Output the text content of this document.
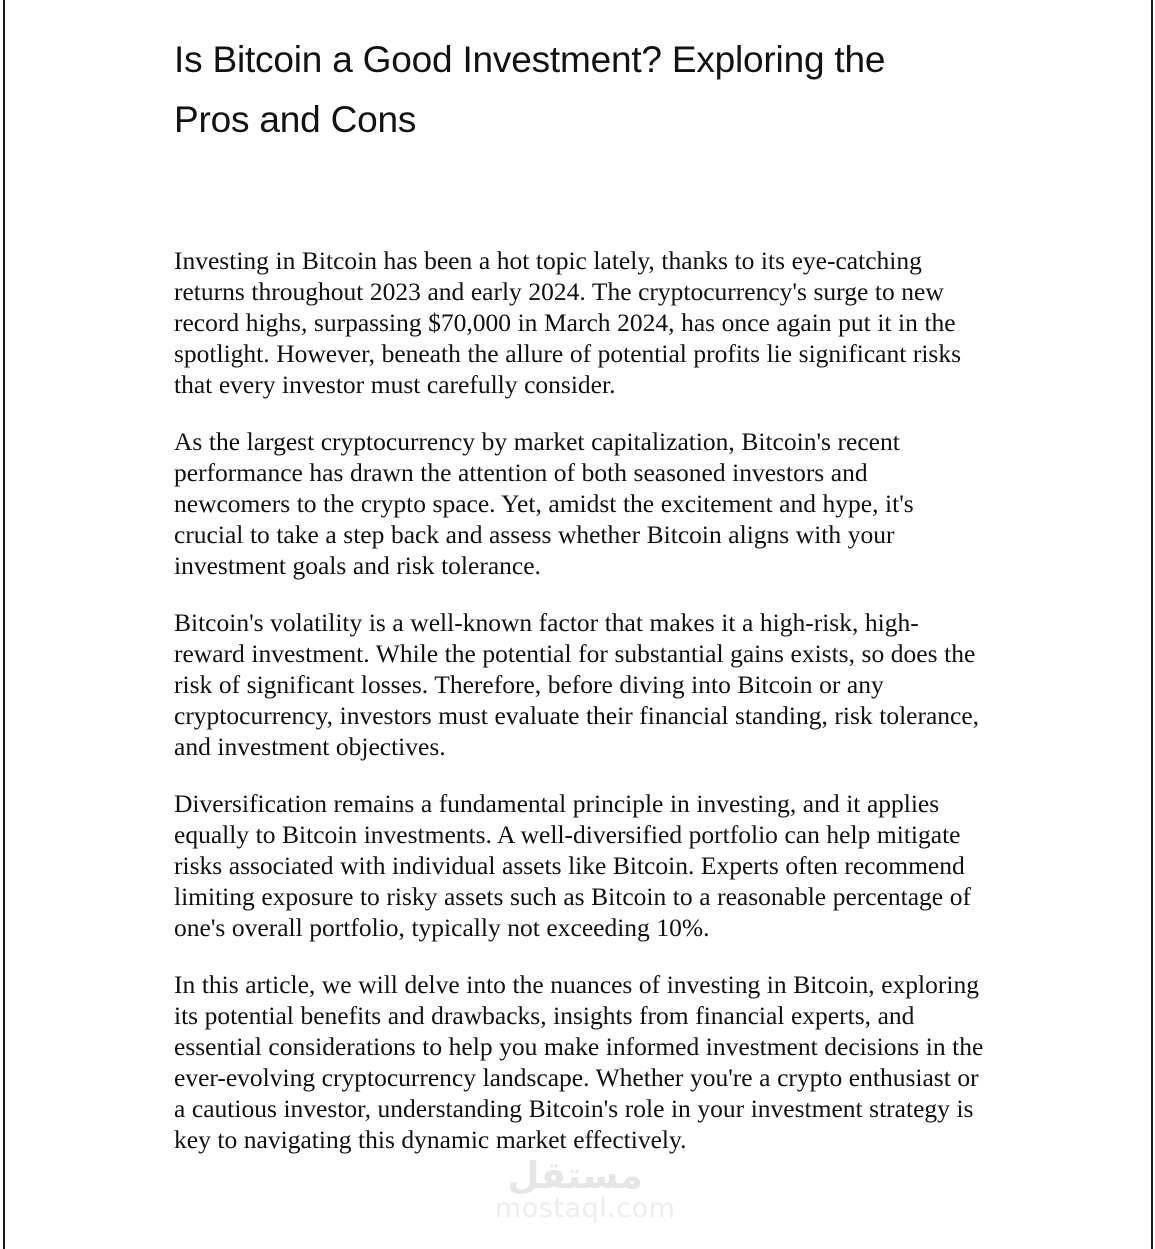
Is Bitcoin a Good Investment? Exploring the Pros and Cons

Investing in Bitcoin has been a hot topic lately, thanks to its eye-catching returns throughout 2023 and early 2024. The cryptocurrency's surge to new record highs, surpassing $70,000 in March 2024, has once again put it in the spotlight. However, beneath the allure of potential profits lie significant risks that every investor must carefully consider.

As the largest cryptocurrency by market capitalization, Bitcoin's recent performance has drawn the attention of both seasoned investors and newcomers to the crypto space. Yet, amidst the excitement and hype, it's crucial to take a step back and assess whether Bitcoin aligns with your investment goals and risk tolerance.

Bitcoin's volatility is a well-known factor that makes it a high-risk, high-reward investment. While the potential for substantial gains exists, so does the risk of significant losses. Therefore, before diving into Bitcoin or any cryptocurrency, investors must evaluate their financial standing, risk tolerance, and investment objectives.

Diversification remains a fundamental principle in investing, and it applies equally to Bitcoin investments. A well-diversified portfolio can help mitigate risks associated with individual assets like Bitcoin. Experts often recommend limiting exposure to risky assets such as Bitcoin to a reasonable percentage of one's overall portfolio, typically not exceeding 10%.

In this article, we will delve into the nuances of investing in Bitcoin, exploring its potential benefits and drawbacks, insights from financial experts, and essential considerations to help you make informed investment decisions in the ever-evolving cryptocurrency landscape. Whether you're a crypto enthusiast or a cautious investor, understanding Bitcoin's role in your investment strategy is key to navigating this dynamic market effectively.

مستقل
mostaql.com
